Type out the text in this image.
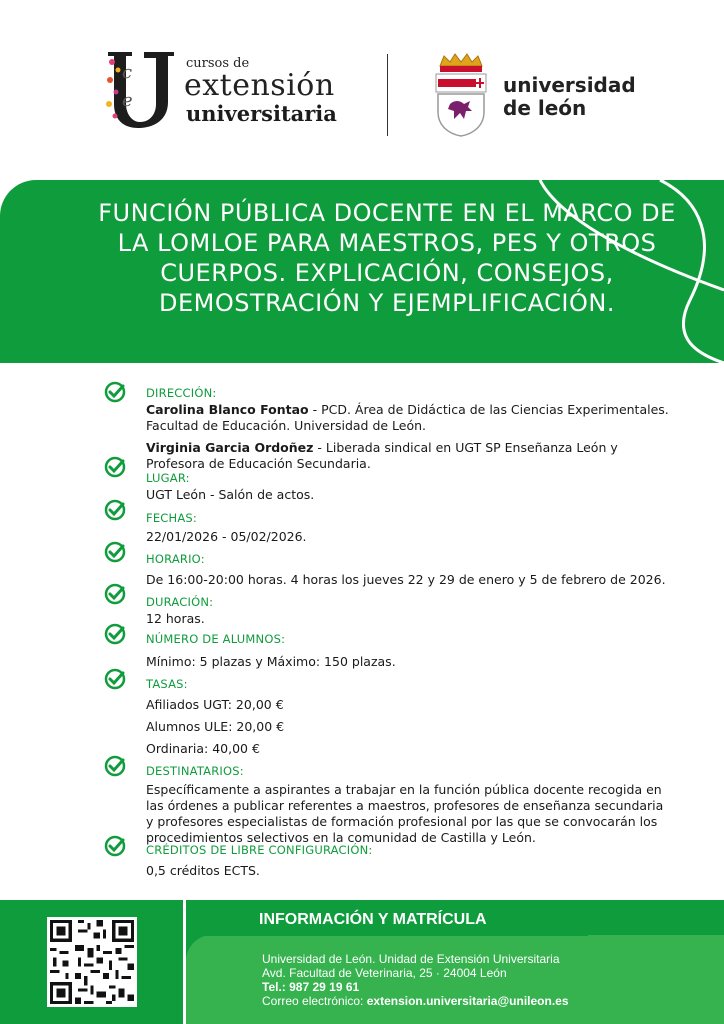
c
e
cursos de
extensión
universitaria
universidad
de león
FUNCIÓN PÚBLICA DOCENTE EN EL MARCO DE LA LOMLOE PARA MAESTROS, PES Y OTROS CUERPOS. EXPLICACIÓN, CONSEJOS, DEMOSTRACIÓN Y EJEMPLIFICACIÓN.
DIRECCIÓN:
Carolina Blanco Fontao - PCD. Área de Didáctica de las Ciencias Experimentales. Facultad de Educación. Universidad de León.
Virginia Garcia Ordoñez - Liberada sindical en UGT SP Enseñanza León y Profesora de Educación Secundaria.
LUGAR:
UGT León - Salón de actos.
FECHAS:
22/01/2026 - 05/02/2026.
HORARIO:
De 16:00-20:00 horas. 4 horas los jueves 22 y 29 de enero y 5 de febrero de 2026.
DURACIÓN:
12 horas.
NÚMERO DE ALUMNOS:
Mínimo: 5 plazas y Máximo: 150 plazas.
TASAS:
Afiliados UGT: 20,00 €
Alumnos ULE: 20,00 €
Ordinaria: 40,00 €
DESTINATARIOS:
Específicamente a aspirantes a trabajar en la función pública docente recogida en las órdenes a publicar referentes a maestros, profesores de enseñanza secundaria y profesores especialistas de formación profesional por las que se convocarán los procedimientos selectivos en la comunidad de Castilla y León.
CRÉDITOS DE LIBRE CONFIGURACIÓN:
0,5 créditos ECTS.
INFORMACIÓN Y MATRÍCULA
Universidad de León. Unidad de Extensión Universitaria
Avd. Facultad de Veterinaria, 25 · 24004 León
Tel.: 987 29 19 61
Correo electrónico: extension.universitaria@unileon.es
